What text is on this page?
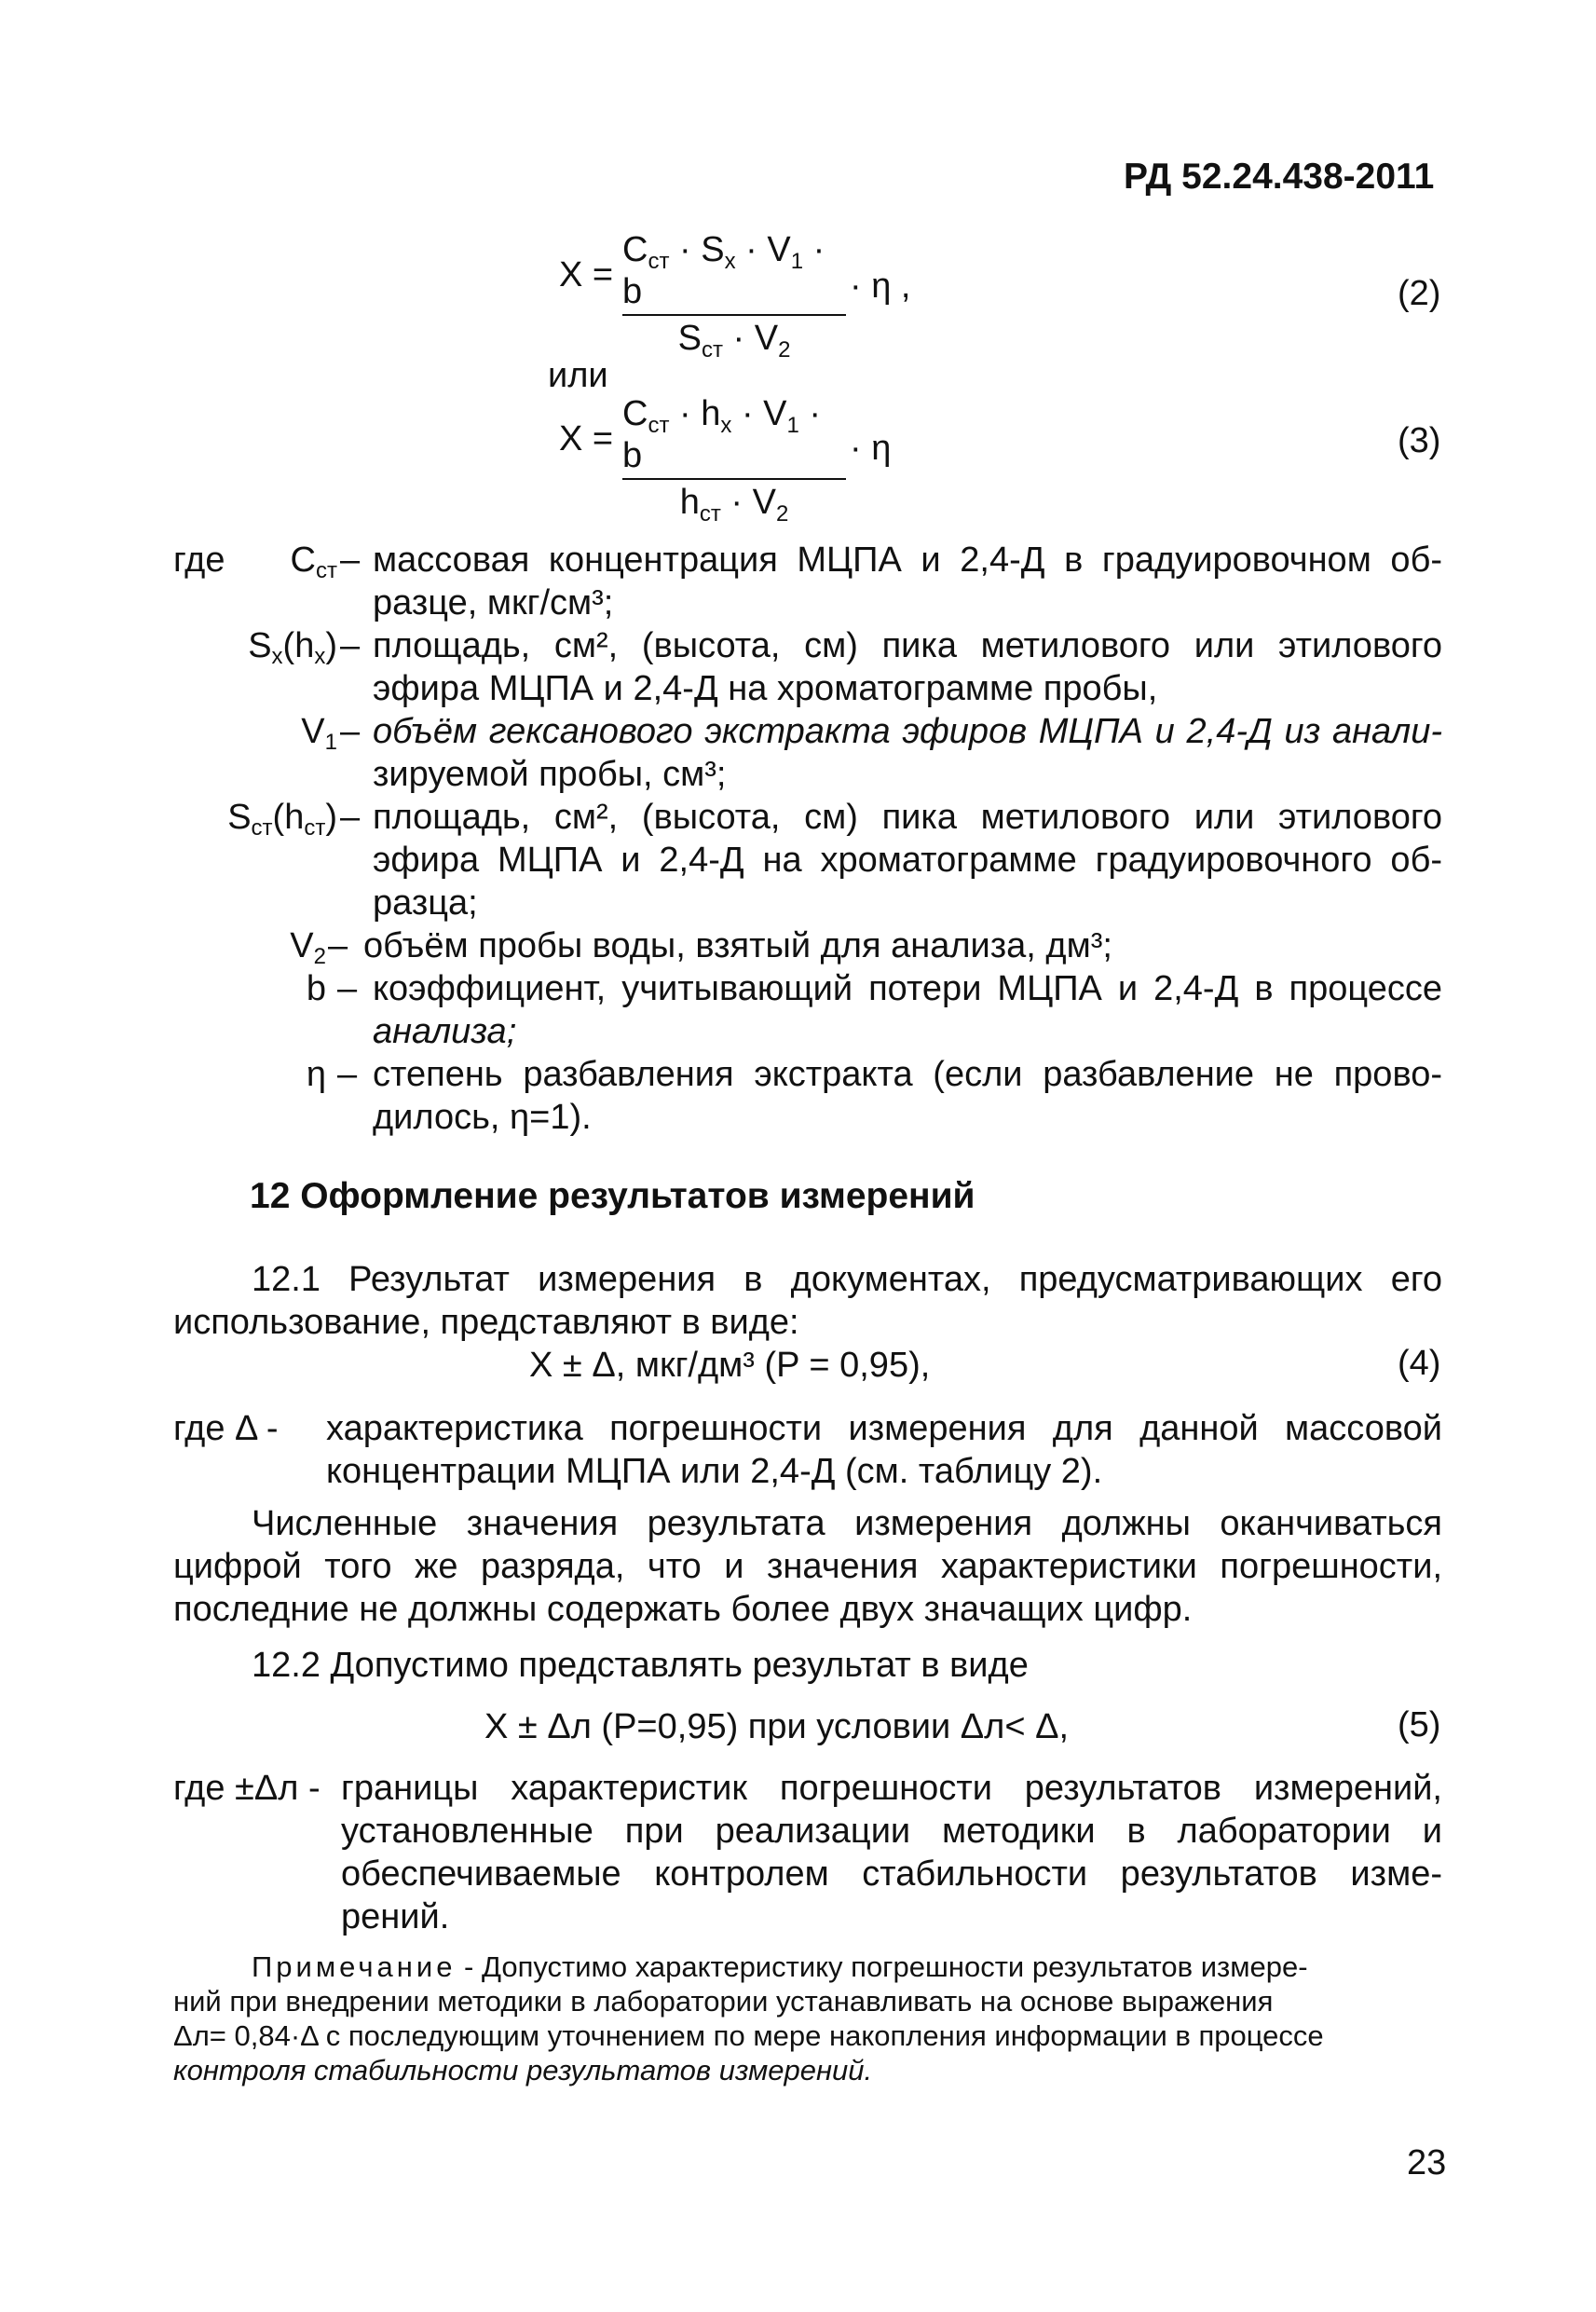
РД 52.24.438-2011
X =
$C_{ст} \cdot S_x \cdot V_1 \cdot b$
$S_{ст} \cdot V_2$
· η ,	(2)
или
X =
$C_{ст} \cdot h_x \cdot V_1 \cdot b$
$h_{ст} \cdot V_2$
· η	(3)
где	Cст – массовая концентрация МЦПА и 2,4-Д в градуировочном об-
разце, мкг/см³;
Sx(hx) – площадь, см², (высота, см) пика метилового или этилового
эфира МЦПА и 2,4-Д на хроматограмме пробы,
V1 – объём гексанового экстракта эфиров МЦПА и 2,4-Д из анали-
зируемой пробы, см³;
Sст(hст) – площадь, см², (высота, см) пика метилового или этилового
эфира МЦПА и 2,4-Д на хроматограмме градуировочного об-
разца;
V2 – объём пробы воды, взятый для анализа, дм³;
b – коэффициент, учитывающий потери МЦПА и 2,4-Д в процессе
анализа;
η – степень разбавления экстракта (если разбавление не прово-
дилось, η=1).
12 Оформление результатов измерений
12.1 Результат измерения в документах, предусматривающих его
использование, представляют в виде:
X ± Δ, мкг/дм³ (P = 0,95),	(4)
где Δ - характеристика погрешности измерения для данной массовой
концентрации МЦПА или 2,4-Д (см. таблицу 2).
Численные значения результата измерения должны оканчиваться
цифрой того же разряда, что и значения характеристики погрешности,
последние не должны содержать более двух значащих цифр.
12.2 Допустимо представлять результат в виде
X ± Δл (P=0,95) при условии Δл< Δ,	(5)
где ±Δл - границы характеристик погрешности результатов измерений,
установленные при реализации методики в лаборатории и
обеспечиваемые контролем стабильности результатов изме-
рений.
Примечание - Допустимо характеристику погрешности результатов измере-
ний при внедрении методики в лаборатории устанавливать на основе выражения
Δл= 0,84·Δ с последующим уточнением по мере накопления информации в процессе
контроля стабильности результатов измерений.
23
